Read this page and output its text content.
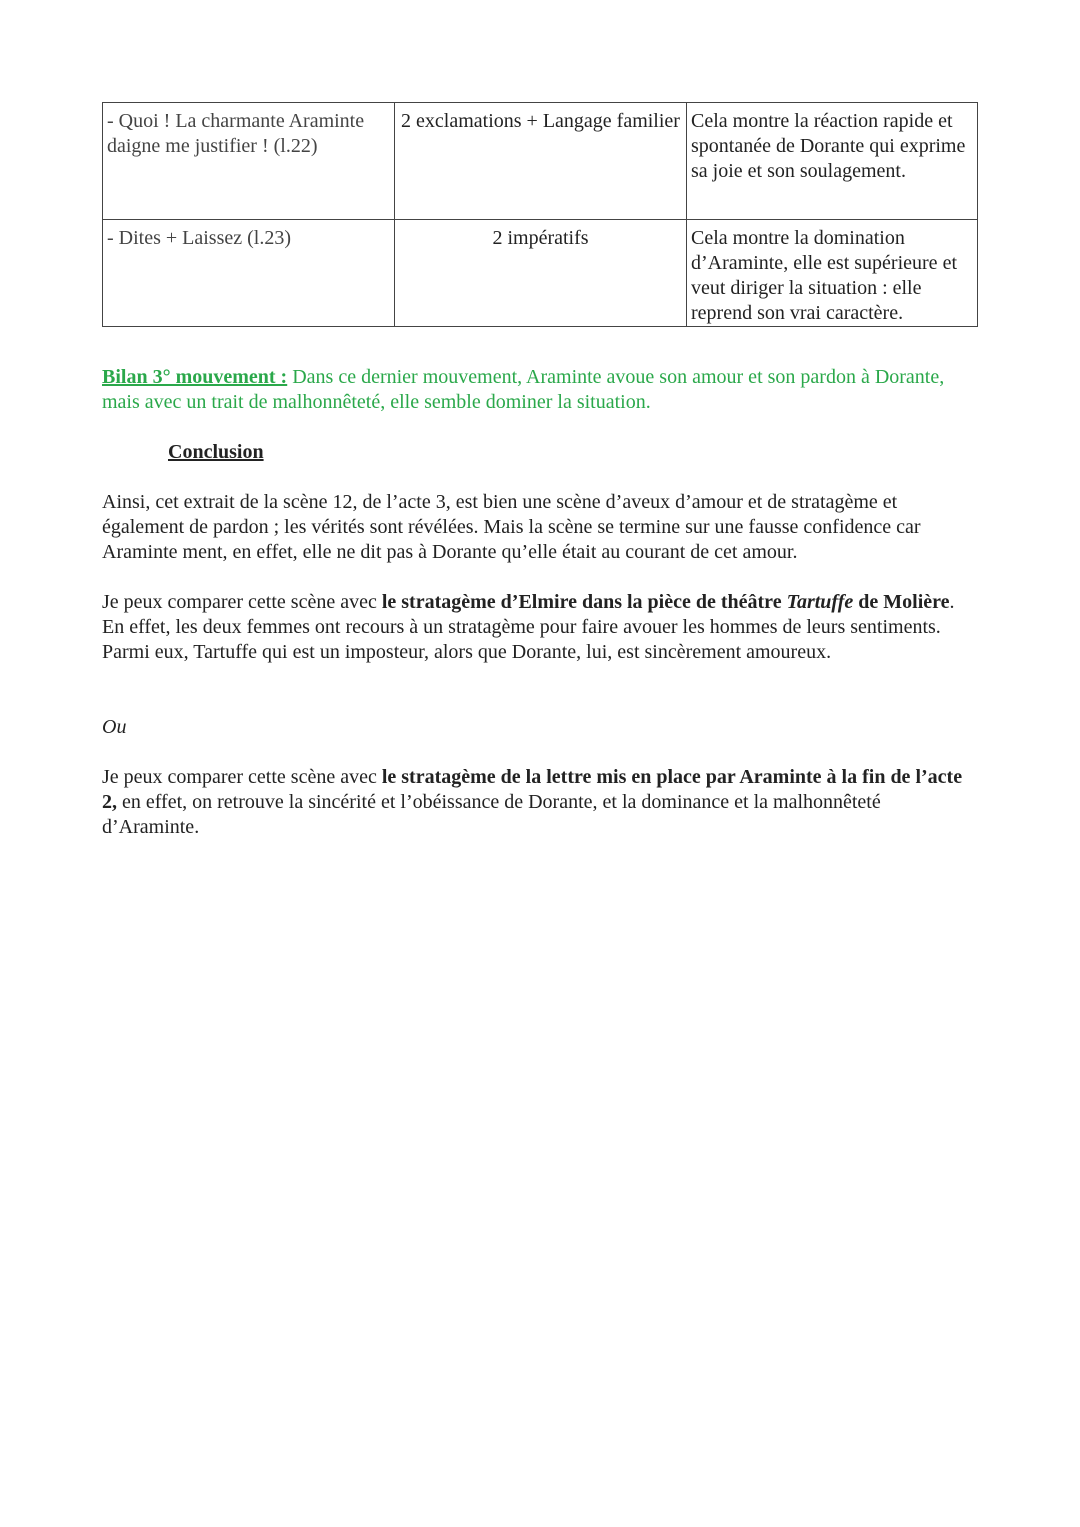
- Quoi ! La charmante Araminte daigne me justifier ! (l.22)	2 exclamations + Langage familier	Cela montre la réaction rapide et spontanée de Dorante qui exprime sa joie et son soulagement.
- Dites + Laissez (l.23)	2 impératifs	Cela montre la domination d’Araminte, elle est supérieure et veut diriger la situation : elle reprend son vrai caractère.
Bilan 3° mouvement : Dans ce dernier mouvement, Araminte avoue son amour et son pardon à Dorante, mais avec un trait de malhonnêteté, elle semble dominer la situation.
Conclusion
Ainsi, cet extrait de la scène 12, de l’acte 3, est bien une scène d’aveux d’amour et de stratagème et également de pardon ; les vérités sont révélées. Mais la scène se termine sur une fausse confidence car Araminte ment, en effet, elle ne dit pas à Dorante qu’elle était au courant de cet amour.
Je peux comparer cette scène avec le stratagème d’Elmire dans la pièce de théâtre Tartuffe de Molière. En effet, les deux femmes ont recours à un stratagème pour faire avouer les hommes de leurs sentiments. Parmi eux, Tartuffe qui est un imposteur, alors que Dorante, lui, est sincèrement amoureux.
Ou
Je peux comparer cette scène avec le stratagème de la lettre mis en place par Araminte à la fin de l’acte 2, en effet, on retrouve la sincérité et l’obéissance de Dorante, et la dominance et la malhonnêteté d’Araminte.
